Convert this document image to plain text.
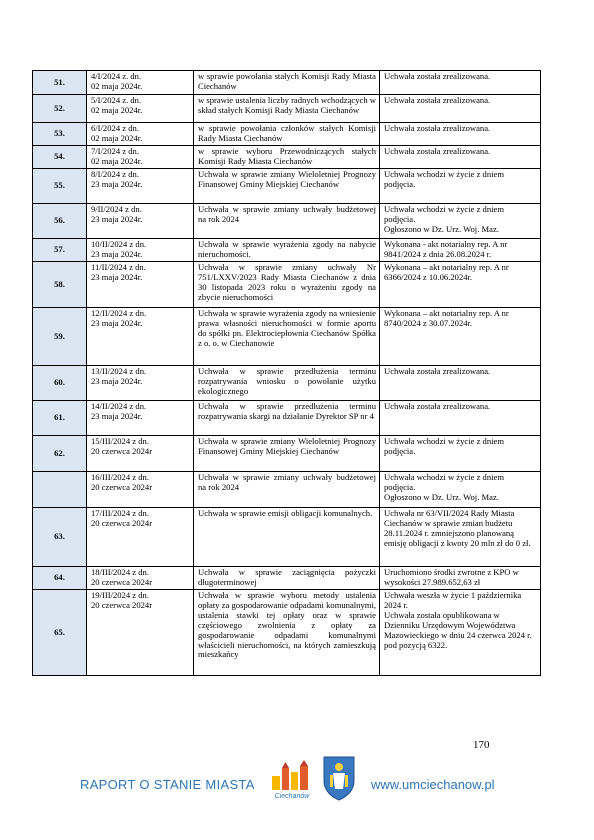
51.	4/I/2024 z. dn.
02 maja 2024r.	w sprawie powołania stałych Komisji Rady Miasta Ciechanów	Uchwała została zrealizowana.

52.	5/I/2024 z. dn.
02 maja 2024r.	w sprawie ustalenia liczby radnych wchodzących w skład stałych Komisji Rady Miasta Ciechanów	Uchwała została zrealizowana.

53.	6/I/2024 z dn.
02 maja 2024r.	w sprawie powołania członków stałych Komisji Rady Miasta Ciechanów	Uchwała została zrealizowana.

54.	7/I/2024 z dn.
02 maja 2024r.	w sprawie wyboru Przewodniczących stałych Komisji Rady Miasta Ciechanów	Uchwała została zrealizowana.

55.	8/I/2024 z dn.
23 maja 2024r.	Uchwała w sprawie zmiany Wieloletniej Prognozy Finansowej Gminy Miejskiej Ciechanów	Uchwała wchodzi w życie z dniem podjęcia.

56.	9/II/2024 z dn.
23 maja 2024r.	Uchwała w sprawie zmiany uchwały budżetowej na rok 2024	Uchwała wchodzi w życie z dniem podjęcia.
Ogłoszono w Dz. Urz. Woj. Maz.

57.	10/II/2024 z dn.
23 maja 2024r.	Uchwała w sprawie wyrażenia zgody na nabycie nieruchomości.	Wykonana - akt notarialny rep. A nr 9841/2024 z dnia 26.08.2024 r.

58.	11/II/2024 z dn.
23 maja 2024r.	Uchwała w sprawie zmiany uchwały Nr 751/LXXV/2023 Rady Miasta Ciechanów z dnia 30 listopada 2023 roku o wyrażeniu zgody na zbycie nieruchomości	Wykonana – akt notarialny rep. A nr 6366/2024 z 10.06.2024r.

59.	12/II/2024 z dn.
23 maja 2024r.	Uchwała w sprawie wyrażenia zgody na wniesienie prawa własności nieruchomości w formie aportu do spółki pn. Elektrociepłownia Ciechanów Spółka z o. o. w Ciechanowie	Wykonana – akt notarialny rep. A nr 8740/2024 z 30.07.2024r.

60.	13/II/2024 z dn.
23 maja 2024r.	Uchwała w sprawie przedłużenia terminu rozpatrywania wniosku o powołanie użytku ekologicznego	Uchwała została zrealizowana.

61.	14/II/2024 z dn.
23 maja 2024r.	Uchwała w sprawie przedłużenia terminu rozpatrywania skargi na działanie Dyrektor SP nr 4	Uchwała została zrealizowana.

62.	15/III/2024 z dn.
20 czerwca 2024r	Uchwała w sprawie zmiany Wieloletniej Prognozy Finansowej Gminy Miejskiej Ciechanów	Uchwała wchodzi w życie z dniem podjęcia.

	16/III/2024 z dn.
20 czerwca 2024r	Uchwała w sprawie zmiany uchwały budżetowej na rok 2024	Uchwała wchodzi w życie z dniem podjęcia.
Ogłoszono w Dz. Urz. Woj. Maz.

63.	17/III/2024 z dn.
20 czerwca 2024r	Uchwała w sprawie emisji obligacji komunalnych.	Uchwała nr 63/VII/2024 Rady Miasta Ciechanów w sprawie zmian budżetu 28.11.2024 r. zmniejszono planowaną emisję obligacji z kwoty 20 mln zł do 0 zł.

64.	18/III/2024 z dn.
20 czerwca 2024r	Uchwała w sprawie zaciągnięcia pożyczki długoterminowej	Uruchomiono środki zwrotne z KPO w wysokości 27.989.652,63 zł

65.	19/III/2024 z dn.
20 czerwca 2024r	Uchwała w sprawie wyboru metody ustalenia opłaty za gospodarowanie odpadami komunalnymi, ustalenia stawki tej opłaty oraz w sprawie częściowego zwolnienia z opłaty za gospodarowanie odpadami komunalnymi właścicieli nieruchomości, na których zamieszkują mieszkańcy	Uchwała weszła w życie 1 października 2024 r.
Uchwała została opublikowana w Dzienniku Urzędowym Województwa Mazowieckiego w dniu 24 czerwca 2024 r. pod pozycją 6322.
170
RAPORT O STANIE MIASTA
Ciechanów
www.umciechanow.pl
